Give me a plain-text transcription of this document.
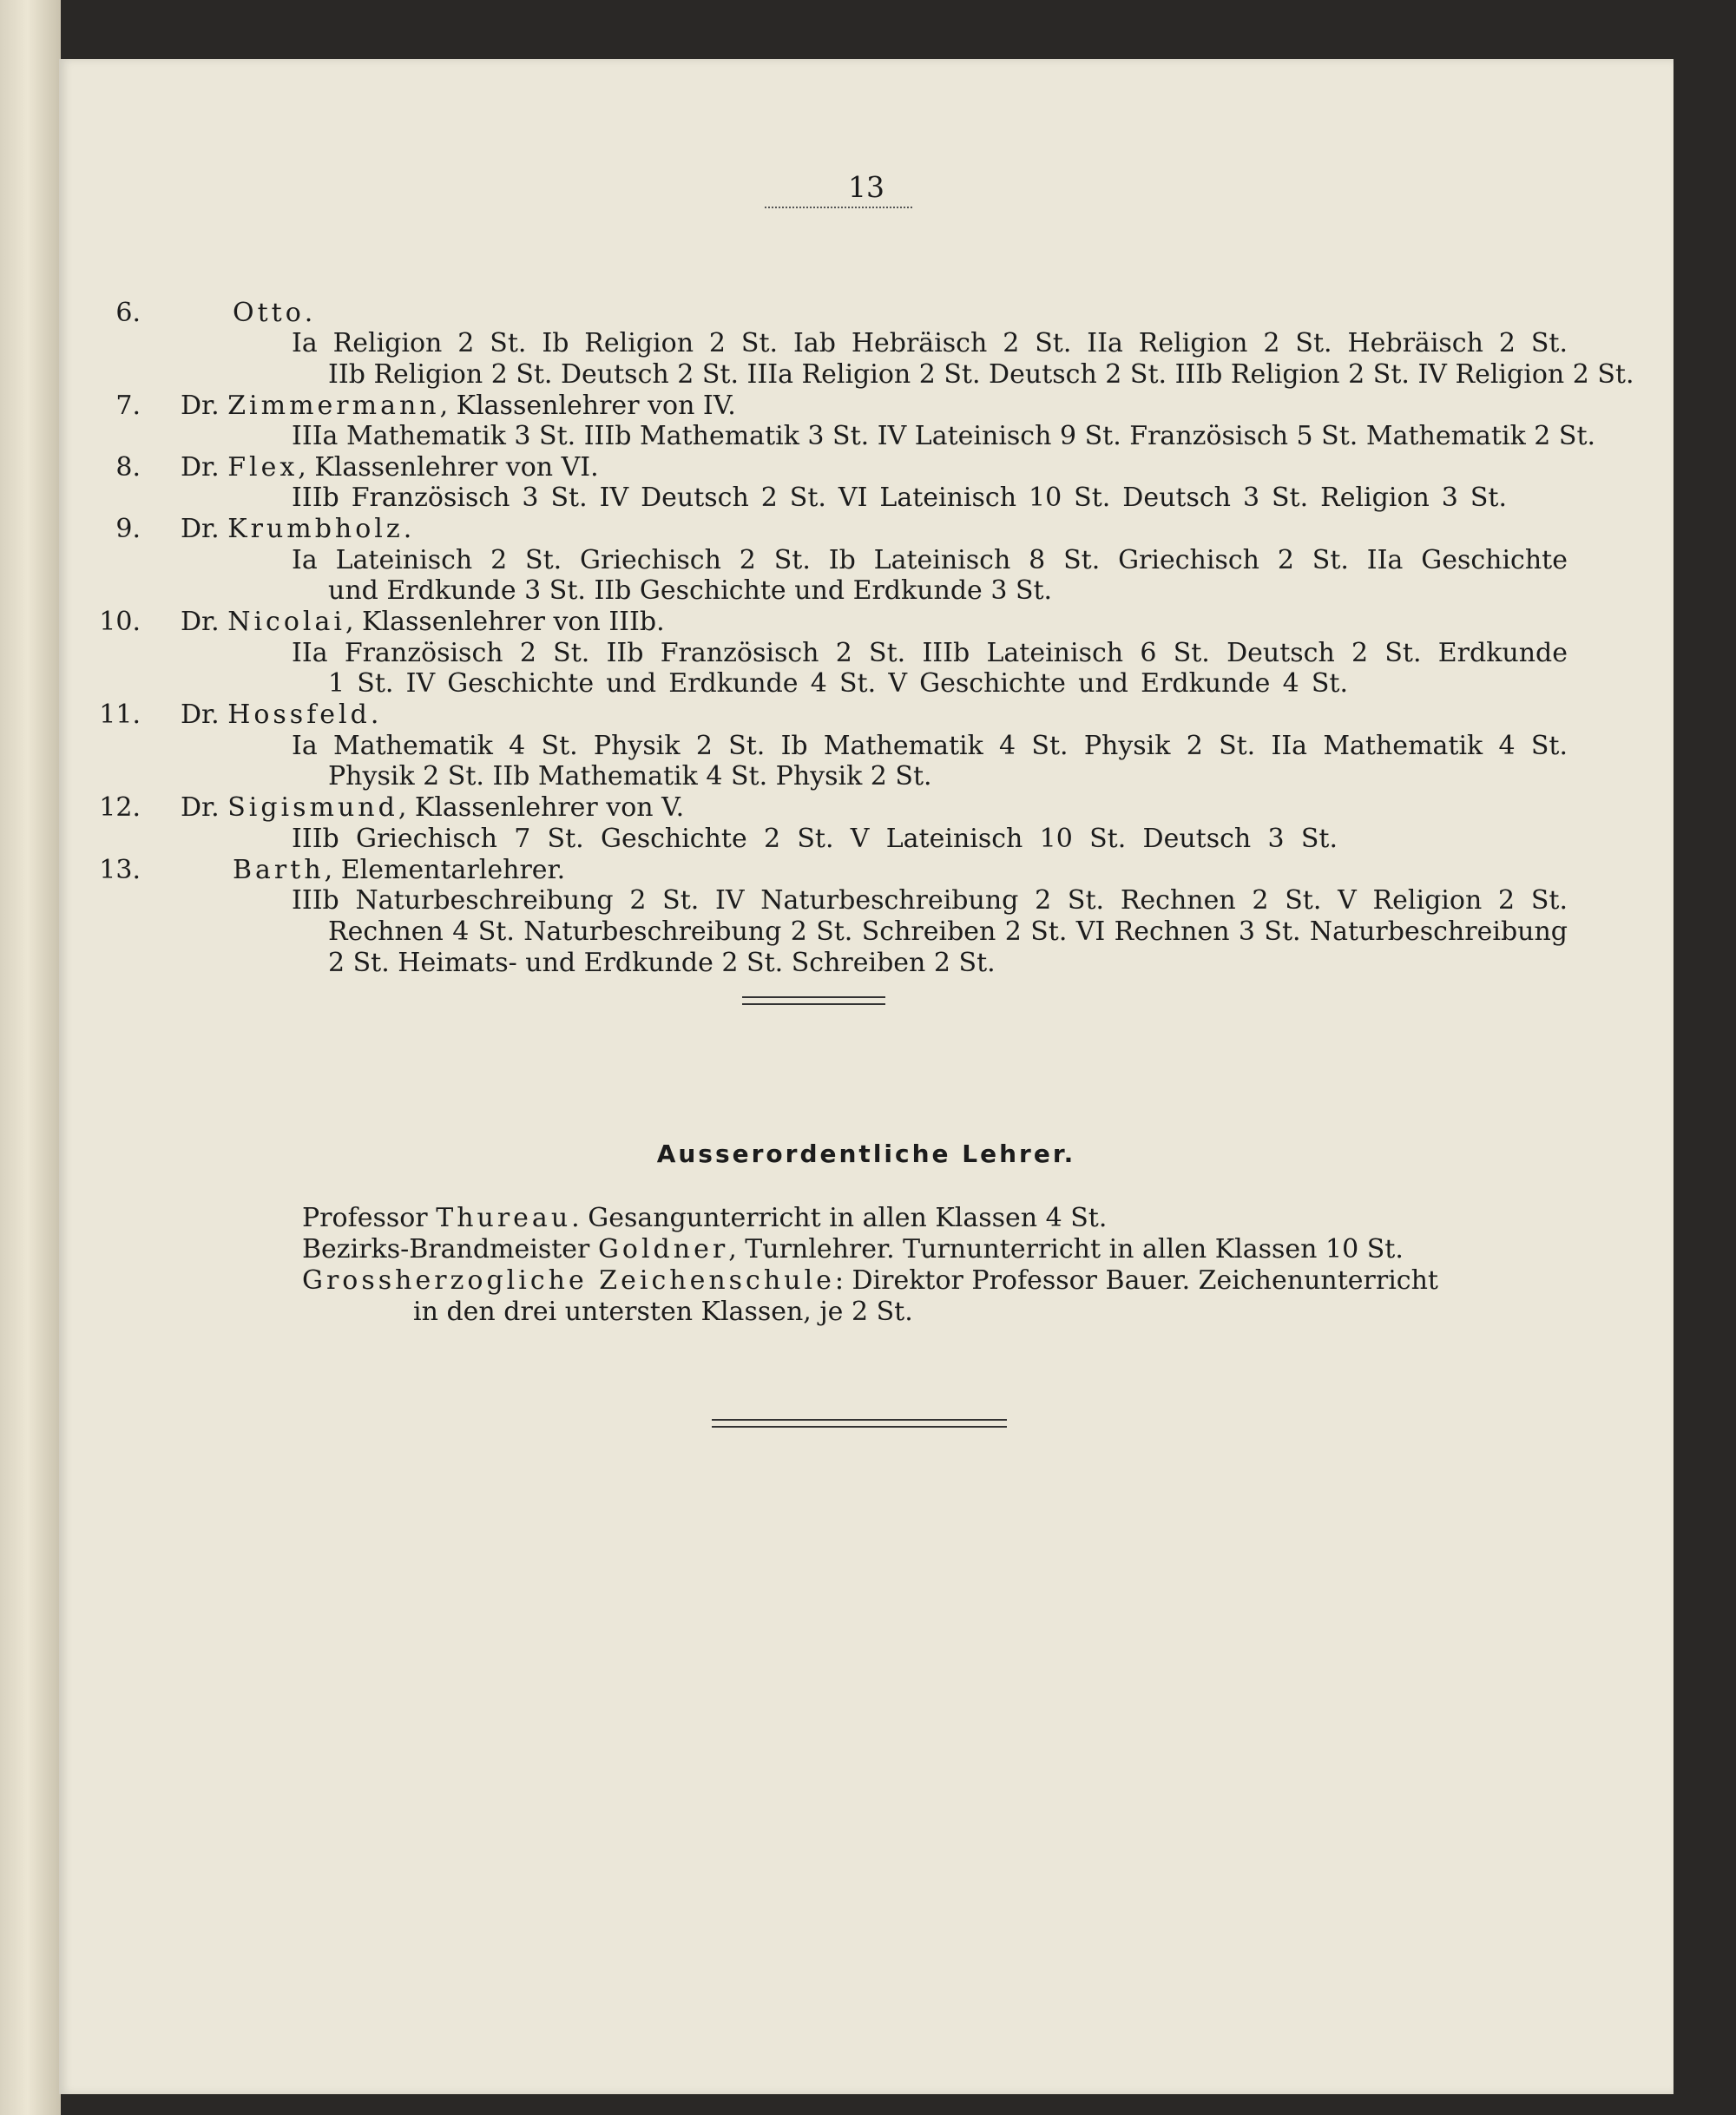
13
6.	Otto.
Ia Religion 2 St. Ib Religion 2 St. Iab Hebräisch 2 St. IIa Religion 2 St. Hebräisch 2 St.
IIb Religion 2 St. Deutsch 2 St. IIIa Religion 2 St. Deutsch 2 St. IIIb Religion 2 St. IV Religion 2 St.
7. Dr. Zimmermann, Klassenlehrer von IV.
IIIa Mathematik 3 St. IIIb Mathematik 3 St. IV Lateinisch 9 St. Französisch 5 St. Mathematik 2 St.
8. Dr. Flex, Klassenlehrer von VI.
IIIb Französisch 3 St. IV Deutsch 2 St. VI Lateinisch 10 St. Deutsch 3 St. Religion 3 St.
9. Dr. Krumbholz.
Ia Lateinisch 2 St. Griechisch 2 St. Ib Lateinisch 8 St. Griechisch 2 St. IIa Geschichte
und Erdkunde 3 St. IIb Geschichte und Erdkunde 3 St.
10. Dr. Nicolai, Klassenlehrer von IIIb.
IIa Französisch 2 St. IIb Französisch 2 St. IIIb Lateinisch 6 St. Deutsch 2 St. Erdkunde
1 St. IV Geschichte und Erdkunde 4 St. V Geschichte und Erdkunde 4 St.
11. Dr. Hossfeld.
Ia Mathematik 4 St. Physik 2 St. Ib Mathematik 4 St. Physik 2 St. IIa Mathematik 4 St.
Physik 2 St. IIb Mathematik 4 St. Physik 2 St.
12. Dr. Sigismund, Klassenlehrer von V.
IIIb Griechisch 7 St. Geschichte 2 St. V Lateinisch 10 St. Deutsch 3 St.
13.	Barth, Elementarlehrer.
IIIb Naturbeschreibung 2 St. IV Naturbeschreibung 2 St. Rechnen 2 St. V Religion 2 St.
Rechnen 4 St. Naturbeschreibung 2 St. Schreiben 2 St. VI Rechnen 3 St. Naturbeschreibung
2 St. Heimats- und Erdkunde 2 St. Schreiben 2 St.
Ausserordentliche Lehrer.
Professor Thureau. Gesangunterricht in allen Klassen 4 St.
Bezirks-Brandmeister Goldner, Turnlehrer. Turnunterricht in allen Klassen 10 St.
Grossherzogliche Zeichenschule: Direktor Professor Bauer. Zeichenunterricht
in den drei untersten Klassen, je 2 St.
